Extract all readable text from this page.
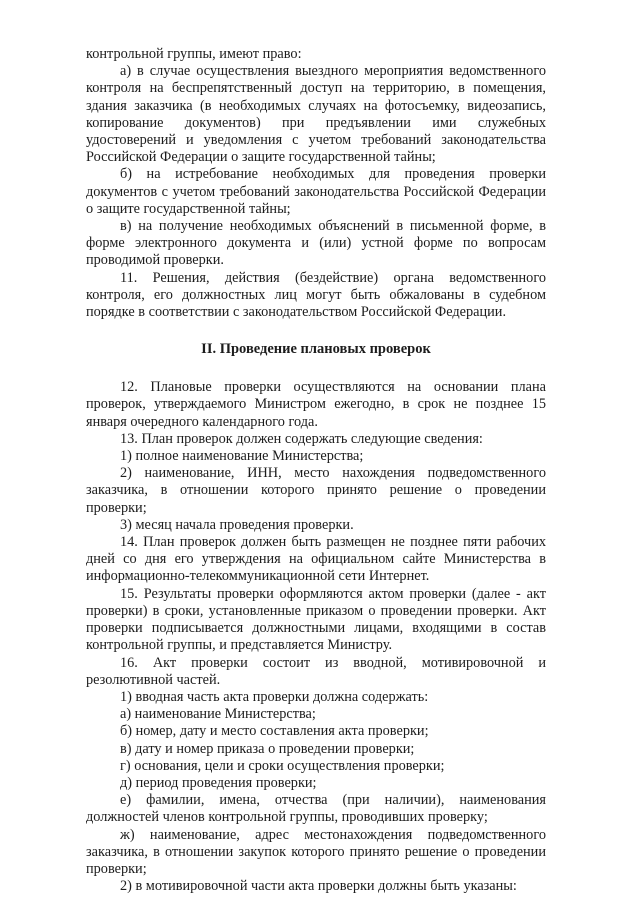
контрольной группы, имеют право:

а) в случае осуществления выездного мероприятия ведомственного контроля на беспрепятственный доступ на территорию, в помещения, здания заказчика (в необходимых случаях на фотосъемку, видеозапись, копирование документов) при предъявлении ими служебных удостоверений и уведомления с учетом требований законодательства Российской Федерации о защите государственной тайны;

б) на истребование необходимых для проведения проверки документов с учетом требований законодательства Российской Федерации о защите государственной тайны;

в) на получение необходимых объяснений в письменной форме, в форме электронного документа и (или) устной форме по вопросам проводимой проверки.

11. Решения, действия (бездействие) органа ведомственного контроля, его должностных лиц могут быть обжалованы в судебном порядке в соответствии с законодательством Российской Федерации.

II. Проведение плановых проверок

12. Плановые проверки осуществляются на основании плана проверок, утверждаемого Министром ежегодно, в срок не позднее 15 января очередного календарного года.

13. План проверок должен содержать следующие сведения:

1) полное наименование Министерства;

2) наименование, ИНН, место нахождения подведомственного заказчика, в отношении которого принято решение о проведении проверки;

3) месяц начала проведения проверки.

14. План проверок должен быть размещен не позднее пяти рабочих дней со дня его утверждения на официальном сайте Министерства в информационно-телекоммуникационной сети Интернет.

15. Результаты проверки оформляются актом проверки (далее - акт проверки) в сроки, установленные приказом о проведении проверки. Акт проверки подписывается должностными лицами, входящими в состав контрольной группы, и представляется Министру.

16. Акт проверки состоит из вводной, мотивировочной и резолютивной частей.

1) вводная часть акта проверки должна содержать:

а) наименование Министерства;

б) номер, дату и место составления акта проверки;

в) дату и номер приказа о проведении проверки;

г) основания, цели и сроки осуществления проверки;

д) период проведения проверки;

е) фамилии, имена, отчества (при наличии), наименования должностей членов контрольной группы, проводивших проверку;

ж) наименование, адрес местонахождения подведомственного заказчика, в отношении закупок которого принято решение о проведении проверки;

2) в мотивировочной части акта проверки должны быть указаны:
